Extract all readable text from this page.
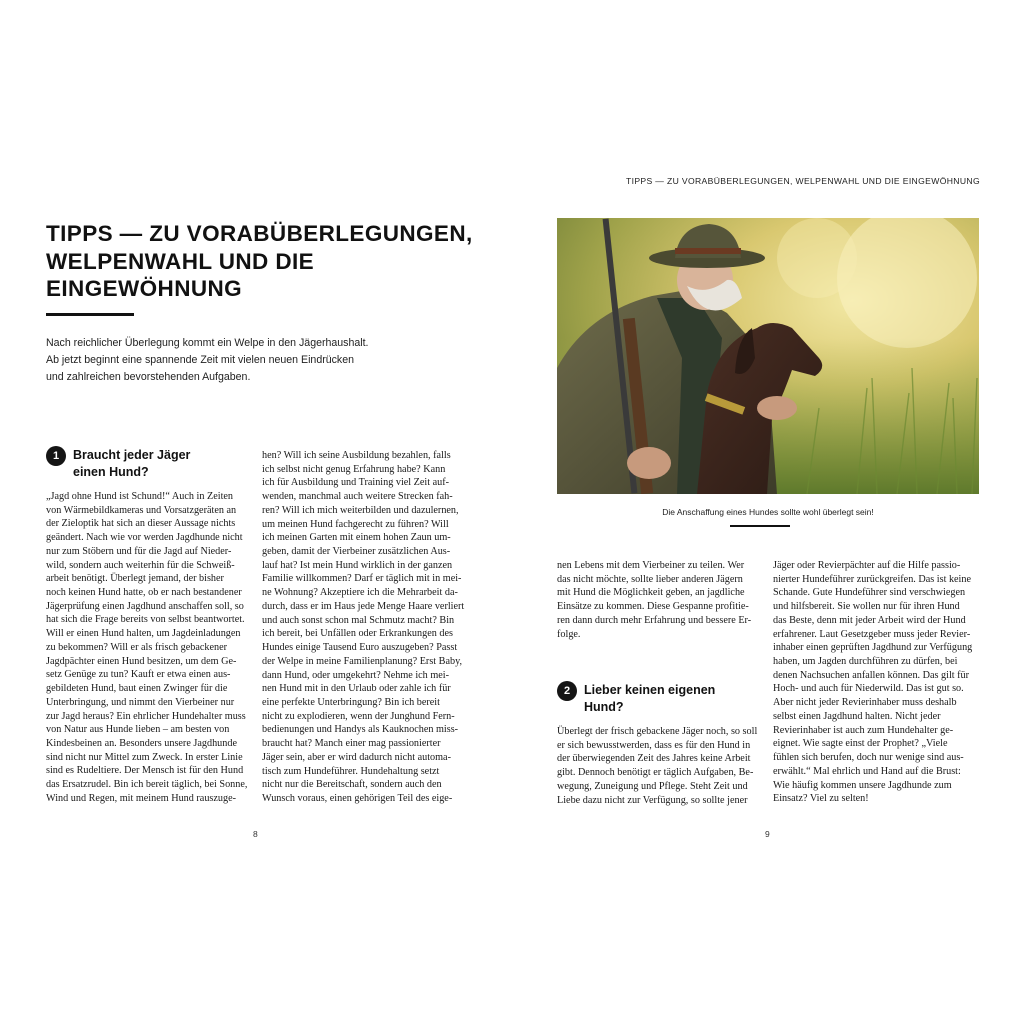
TIPPS — ZU VORABÜBERLEGUNGEN, WELPENWAHL UND DIE EINGEWÖHNUNG
TIPPS — ZU VORABÜBERLEGUNGEN,
WELPENWAHL UND DIE
EINGEWÖHNUNG
Nach reichlicher Überlegung kommt ein Welpe in den Jägerhaushalt.
Ab jetzt beginnt eine spannende Zeit mit vielen neuen Eindrücken
und zahlreichen bevorstehenden Aufgaben.
1	Braucht jeder Jäger
einen Hund?
„Jagd ohne Hund ist Schund!“ Auch in Zeiten
von Wärmebildkameras und Vorsatzgeräten an
der Zieloptik hat sich an dieser Aussage nichts
geändert. Nach wie vor werden Jagdhunde nicht
nur zum Stöbern und für die Jagd auf Nieder-
wild, sondern auch weiterhin für die Schweiß-
arbeit benötigt. Überlegt jemand, der bisher
noch keinen Hund hatte, ob er nach bestandener
Jägerprüfung einen Jagdhund anschaffen soll, so
hat sich die Frage bereits von selbst beantwortet.
Will er einen Hund halten, um Jagdeinladungen
zu bekommen? Will er als frisch gebackener
Jagdpächter einen Hund besitzen, um dem Ge-
setz Genüge zu tun? Kauft er etwa einen aus-
gebildeten Hund, baut einen Zwinger für die
Unterbringung, und nimmt den Vierbeiner nur
zur Jagd heraus? Ein ehrlicher Hundehalter muss
von Natur aus Hunde lieben – am besten von
Kindesbeinen an. Besonders unsere Jagdhunde
sind nicht nur Mittel zum Zweck. In erster Linie
sind es Rudeltiere. Der Mensch ist für den Hund
das Ersatzrudel. Bin ich bereit täglich, bei Sonne,
Wind und Regen, mit meinem Hund rauszuge-
hen? Will ich seine Ausbildung bezahlen, falls
ich selbst nicht genug Erfahrung habe? Kann
ich für Ausbildung und Training viel Zeit auf-
wenden, manchmal auch weitere Strecken fah-
ren? Will ich mich weiterbilden und dazulernen,
um meinen Hund fachgerecht zu führen? Will
ich meinen Garten mit einem hohen Zaun um-
geben, damit der Vierbeiner zusätzlichen Aus-
lauf hat? Ist mein Hund wirklich in der ganzen
Familie willkommen? Darf er täglich mit in mei-
ne Wohnung? Akzeptiere ich die Mehrarbeit da-
durch, dass er im Haus jede Menge Haare verliert
und auch sonst schon mal Schmutz macht? Bin
ich bereit, bei Unfällen oder Erkrankungen des
Hundes einige Tausend Euro auszugeben? Passt
der Welpe in meine Familienplanung? Erst Baby,
dann Hund, oder umgekehrt? Nehme ich mei-
nen Hund mit in den Urlaub oder zahle ich für
eine perfekte Unterbringung? Bin ich bereit
nicht zu explodieren, wenn der Junghund Fern-
bedienungen und Handys als Kauknochen miss-
braucht hat? Manch einer mag passionierter
Jäger sein, aber er wird dadurch nicht automa-
tisch zum Hundeführer. Hundehaltung setzt
nicht nur die Bereitschaft, sondern auch den
Wunsch voraus, einen gehörigen Teil des eige-
8
Die Anschaffung eines Hundes sollte wohl überlegt sein!
nen Lebens mit dem Vierbeiner zu teilen. Wer
das nicht möchte, sollte lieber anderen Jägern
mit Hund die Möglichkeit geben, an jagdliche
Einsätze zu kommen. Diese Gespanne profitie-
ren dann durch mehr Erfahrung und bessere Er-
folge.
2	Lieber keinen eigenen
Hund?
Überlegt der frisch gebackene Jäger noch, so soll
er sich bewusstwerden, dass es für den Hund in
der überwiegenden Zeit des Jahres keine Arbeit
gibt. Dennoch benötigt er täglich Aufgaben, Be-
wegung, Zuneigung und Pflege. Steht Zeit und
Liebe dazu nicht zur Verfügung, so sollte jener
Jäger oder Revierpächter auf die Hilfe passio-
nierter Hundeführer zurückgreifen. Das ist keine
Schande. Gute Hundeführer sind verschwiegen
und hilfsbereit. Sie wollen nur für ihren Hund
das Beste, denn mit jeder Arbeit wird der Hund
erfahrener. Laut Gesetzgeber muss jeder Revier-
inhaber einen geprüften Jagdhund zur Verfügung
haben, um Jagden durchführen zu dürfen, bei
denen Nachsuchen anfallen können. Das gilt für
Hoch- und auch für Niederwild. Das ist gut so.
Aber nicht jeder Revierinhaber muss deshalb
selbst einen Jagdhund halten. Nicht jeder
Revierinhaber ist auch zum Hundehalter ge-
eignet. Wie sagte einst der Prophet? „Viele
fühlen sich berufen, doch nur wenige sind aus-
erwählt.“ Mal ehrlich und Hand auf die Brust:
Wie häufig kommen unsere Jagdhunde zum
Einsatz? Viel zu selten!
9
